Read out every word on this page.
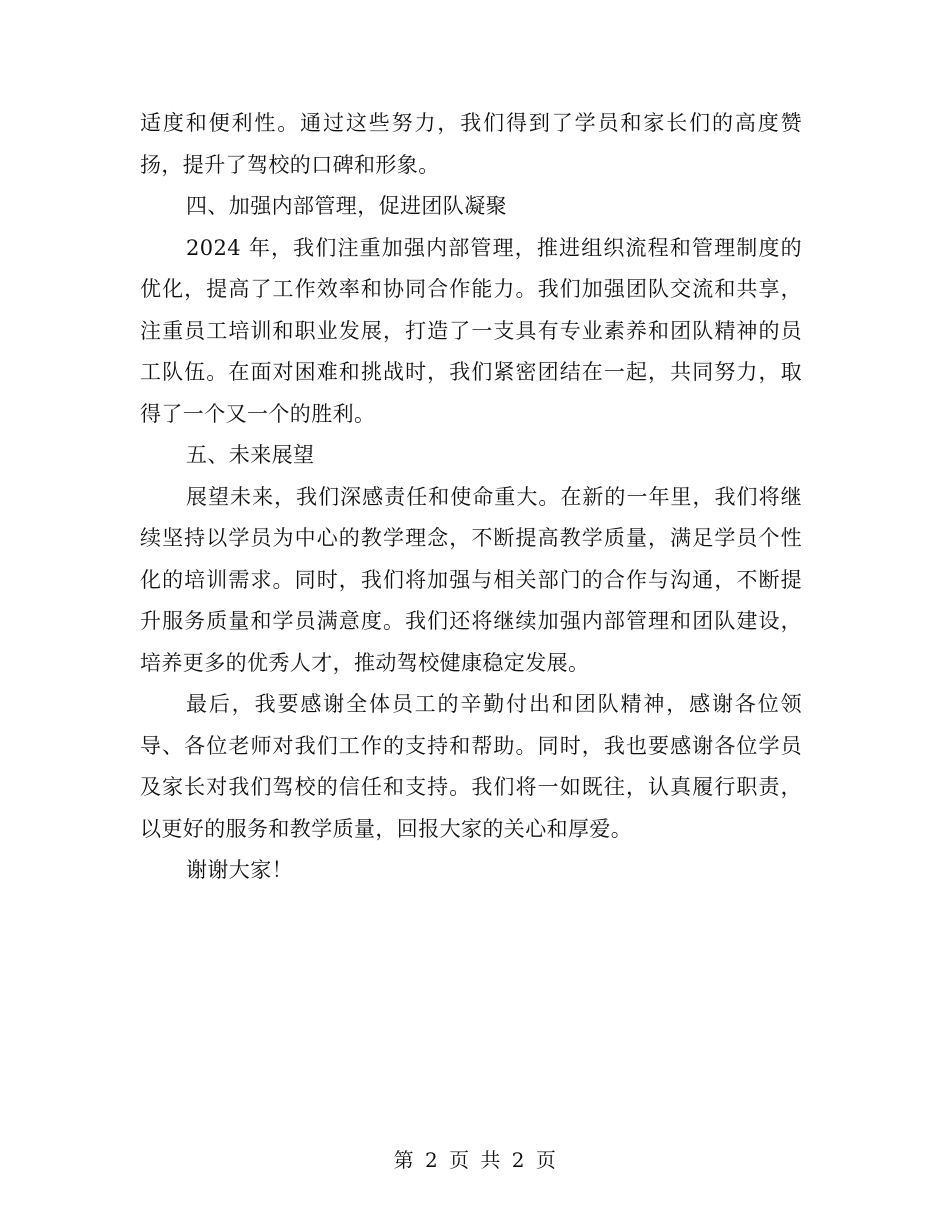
适度和便利性。通过这些努力，我们得到了学员和家长们的高度赞扬，提升了驾校的口碑和形象。

四、加强内部管理，促进团队凝聚

2024 年，我们注重加强内部管理，推进组织流程和管理制度的优化，提高了工作效率和协同合作能力。我们加强团队交流和共享，注重员工培训和职业发展，打造了一支具有专业素养和团队精神的员工队伍。在面对困难和挑战时，我们紧密团结在一起，共同努力，取得了一个又一个的胜利。

五、未来展望

展望未来，我们深感责任和使命重大。在新的一年里，我们将继续坚持以学员为中心的教学理念，不断提高教学质量，满足学员个性化的培训需求。同时，我们将加强与相关部门的合作与沟通，不断提升服务质量和学员满意度。我们还将继续加强内部管理和团队建设，培养更多的优秀人才，推动驾校健康稳定发展。

最后，我要感谢全体员工的辛勤付出和团队精神，感谢各位领导、各位老师对我们工作的支持和帮助。同时，我也要感谢各位学员及家长对我们驾校的信任和支持。我们将一如既往，认真履行职责，以更好的服务和教学质量，回报大家的关心和厚爱。

谢谢大家！

第 2 页 共 2 页
